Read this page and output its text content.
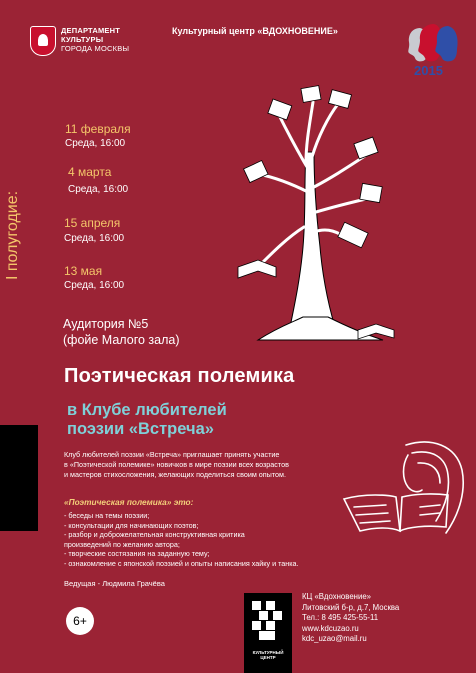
ДЕПАРТАМЕНТ
КУЛЬТУРЫ
ГОРОДА МОСКВЫ
Культурный центр «ВДОХНОВЕНИЕ»
2015
I полугодие:
11 февраля
Среда, 16:00
4 марта
Среда, 16:00
15 апреля
Среда, 16:00
13 мая
Среда, 16:00
Аудитория №5
(фойе Малого зала)
Поэтическая полемика
в Клубе любителей
поэзии «Встреча»
Клуб любителей поэзии «Встреча» приглашает принять участие
в «Поэтической полемике» новичков в мире поэзии всех возрастов
и мастеров стихосложения, желающих поделиться своим опытом.
«Поэтическая полемика» это:
- беседы на темы поэзии;
- консультации для начинающих поэтов;
- разбор и доброжелательная конструктивная критика
произведений по желанию автора;
- творческие состязания на заданную тему;
- ознакомление с японской поэзией и опыты написания хайку и танка.
Ведущая - Людмила Грачёва
6+
КУЛЬТУРНЫЙ
ЦЕНТР
КЦ «Вдохновение»
Литовский б-р, д.7, Москва
Тел.: 8 495 425-55-11
www.kdcuzao.ru
kdc_uzao@mail.ru
